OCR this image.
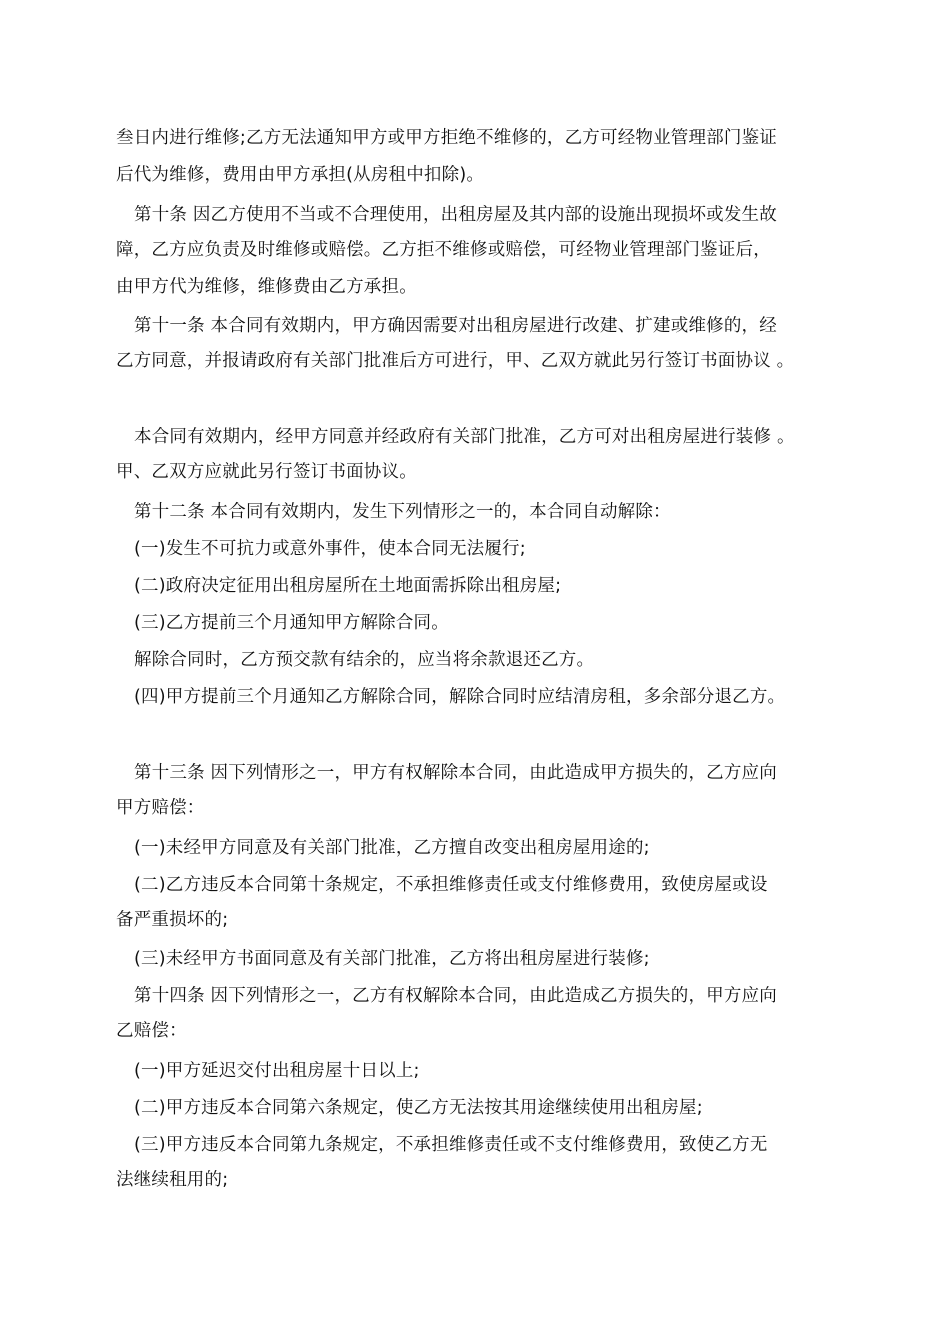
叁日内进行维修;乙方无法通知甲方或甲方拒绝不维修的，乙方可经物业管理部门鉴证
后代为维修，费用由甲方承担(从房租中扣除)。
第十条 因乙方使用不当或不合理使用，出租房屋及其内部的设施出现损坏或发生故
障，乙方应负责及时维修或赔偿。乙方拒不维修或赔偿，可经物业管理部门鉴证后，
由甲方代为维修，维修费由乙方承担。
第十一条 本合同有效期内，甲方确因需要对出租房屋进行改建、扩建或维修的，经
乙方同意，并报请政府有关部门批准后方可进行，甲、乙双方就此另行签订书面协议 。
本合同有效期内，经甲方同意并经政府有关部门批准，乙方可对出租房屋进行装修 。
甲、乙双方应就此另行签订书面协议。
第十二条 本合同有效期内，发生下列情形之一的，本合同自动解除：
(一)发生不可抗力或意外事件，使本合同无法履行;
(二)政府决定征用出租房屋所在土地面需拆除出租房屋;
(三)乙方提前三个月通知甲方解除合同。
解除合同时，乙方预交款有结余的，应当将余款退还乙方。
(四)甲方提前三个月通知乙方解除合同，解除合同时应结清房租，多余部分退乙方。
第十三条 因下列情形之一，甲方有权解除本合同，由此造成甲方损失的，乙方应向
甲方赔偿：
(一)未经甲方同意及有关部门批准，乙方擅自改变出租房屋用途的;
(二)乙方违反本合同第十条规定，不承担维修责任或支付维修费用，致使房屋或设
备严重损坏的;
(三)未经甲方书面同意及有关部门批准，乙方将出租房屋进行装修;
第十四条 因下列情形之一，乙方有权解除本合同，由此造成乙方损失的，甲方应向
乙赔偿：
(一)甲方延迟交付出租房屋十日以上;
(二)甲方违反本合同第六条规定，使乙方无法按其用途继续使用出租房屋;
(三)甲方违反本合同第九条规定，不承担维修责任或不支付维修费用，致使乙方无
法继续租用的;
